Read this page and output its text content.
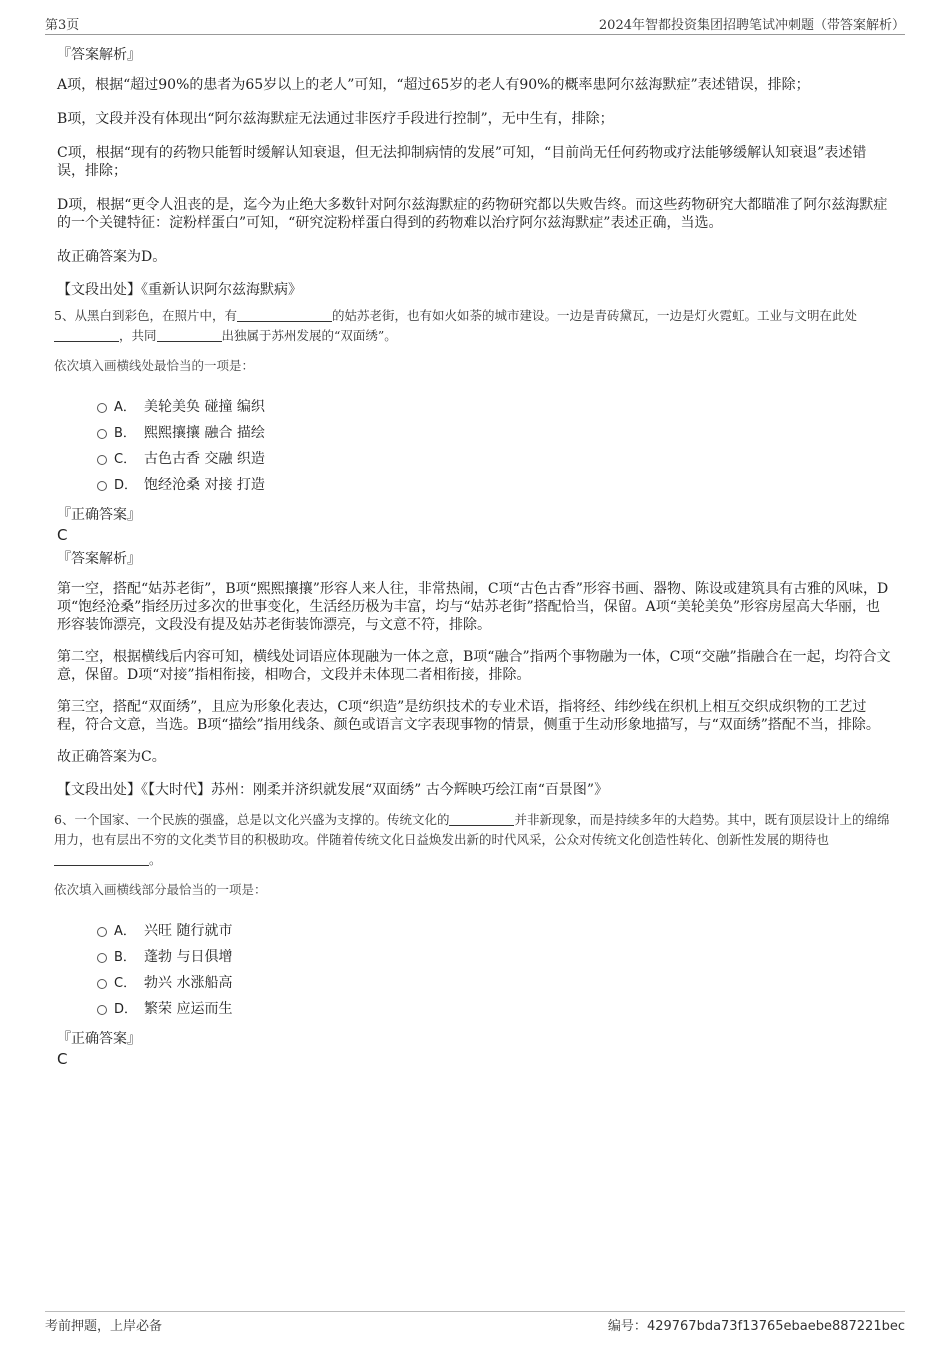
第3页	2024年智都投资集团招聘笔试冲刺题（带答案解析）
『答案解析』

A项，根据“超过90%的患者为65岁以上的老人”可知，“超过65岁的老人有90%的概率患阿尔兹海默症”表述错误，排除；

B项，文段并没有体现出“阿尔兹海默症无法通过非医疗手段进行控制”，无中生有，排除；

C项，根据“现有的药物只能暂时缓解认知衰退，但无法抑制病情的发展”可知，“目前尚无任何药物或疗法能够缓解认知衰退”表述错误，排除；

D项，根据“更令人沮丧的是，迄今为止绝大多数针对阿尔兹海默症的药物研究都以失败告终。而这些药物研究大都瞄准了阿尔兹海默症的一个关键特征：淀粉样蛋白”可知，“研究淀粉样蛋白得到的药物难以治疗阿尔兹海默症”表述正确，当选。

故正确答案为D。

【文段出处】《重新认识阿尔兹海默病》
5、从黑白到彩色，在照片中，有	的姑苏老街，也有如火如荼的城市建设。一边是青砖黛瓦，一边是灯火霓虹。工业与文明在此处，共同	出独属于苏州发展的“双面绣”。
依次填入画横线处最恰当的一项是：
A． 美轮美奂 碰撞 编织
B． 熙熙攘攘 融合 描绘
C． 古色古香 交融 织造
D． 饱经沧桑 对接 打造
『正确答案』
C
『答案解析』

第一空，搭配“姑苏老街”，B项“熙熙攘攘”形容人来人往，非常热闹，C项“古色古香”形容书画、器物、陈设或建筑具有古雅的风味，D项“饱经沧桑”指经历过多次的世事变化，生活经历极为丰富，均与“姑苏老街”搭配恰当，保留。A项“美轮美奂”形容房屋高大华丽，也形容装饰漂亮，文段没有提及姑苏老街装饰漂亮，与文意不符，排除。

第二空，根据横线后内容可知，横线处词语应体现融为一体之意，B项“融合”指两个事物融为一体，C项“交融”指融合在一起，均符合文意，保留。D项“对接”指相衔接，相吻合，文段并未体现二者相衔接，排除。

第三空，搭配“双面绣”，且应为形象化表达，C项“织造”是纺织技术的专业术语，指将经、纬纱线在织机上相互交织成织物的工艺过程，符合文意，当选。B项“描绘”指用线条、颜色或语言文字表现事物的情景，侧重于生动形象地描写，与“双面绣”搭配不当，排除。

故正确答案为C。

【文段出处】《【大时代】苏州：刚柔并济织就发展“双面绣” 古今辉映巧绘江南“百景图”》
6、一个国家、一个民族的强盛，总是以文化兴盛为支撑的。传统文化的	并非新现象，而是持续多年的大趋势。其中，既有顶层设计上的绵绵用力，也有层出不穷的文化类节目的积极助攻。伴随着传统文化日益焕发出新的时代风采，公众对传统文化创造性转化、创新性发展的期待也。
依次填入画横线部分最恰当的一项是：
A． 兴旺 随行就市
B． 蓬勃 与日俱增
C． 勃兴 水涨船高
D． 繁荣 应运而生
『正确答案』
C
考前押题，上岸必备	编号：429767bda73f13765ebaebe887221bec
